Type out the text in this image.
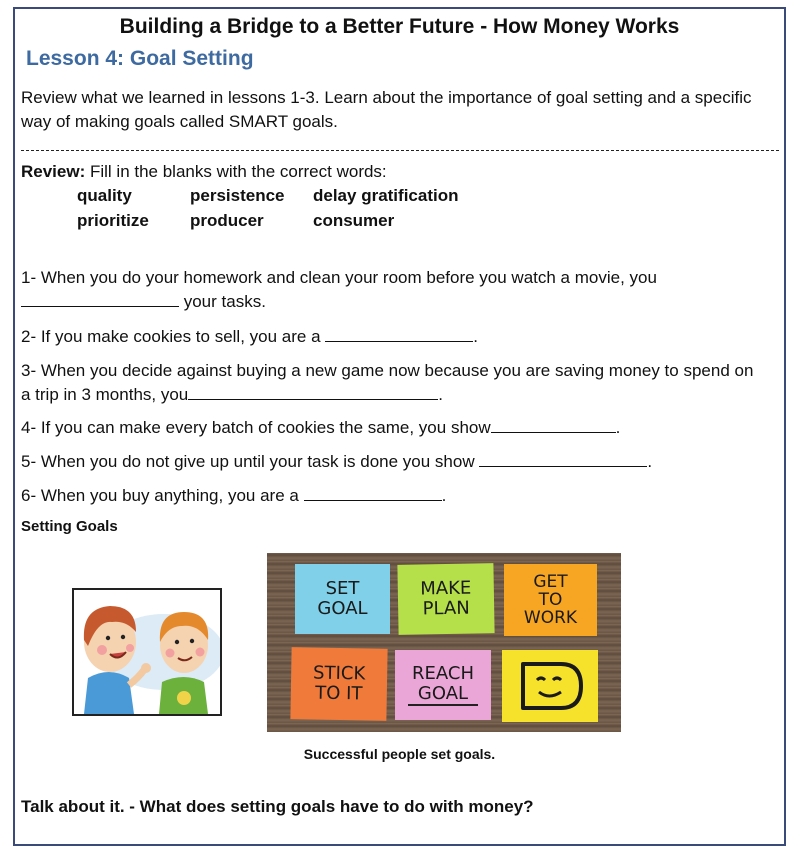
Building a Bridge to a Better Future - How Money Works
Lesson 4: Goal Setting
Review what we learned in lessons 1-3. Learn about the importance of goal setting and a specific way of making goals called SMART goals.
Review: Fill in the blanks with the correct words:
quality	persistence	delay gratification
prioritize	producer	consumer
1- When you do your homework and clean your room before you watch a movie, you
your tasks.
2- If you make cookies to sell, you are a	.
3- When you decide against buying a new game now because you are saving money to spend on a trip in 3 months, you	.
4- If you can make every batch of cookies the same, you show	.
5- When you do not give up until your task is done you show	.
6- When you buy anything, you are a	.
Setting Goals
SET GOAL
MAKE PLAN
GET TO WORK
STICK TO IT
REACH GOAL
Successful people set goals.
Talk about it. - What does setting goals have to do with money?
